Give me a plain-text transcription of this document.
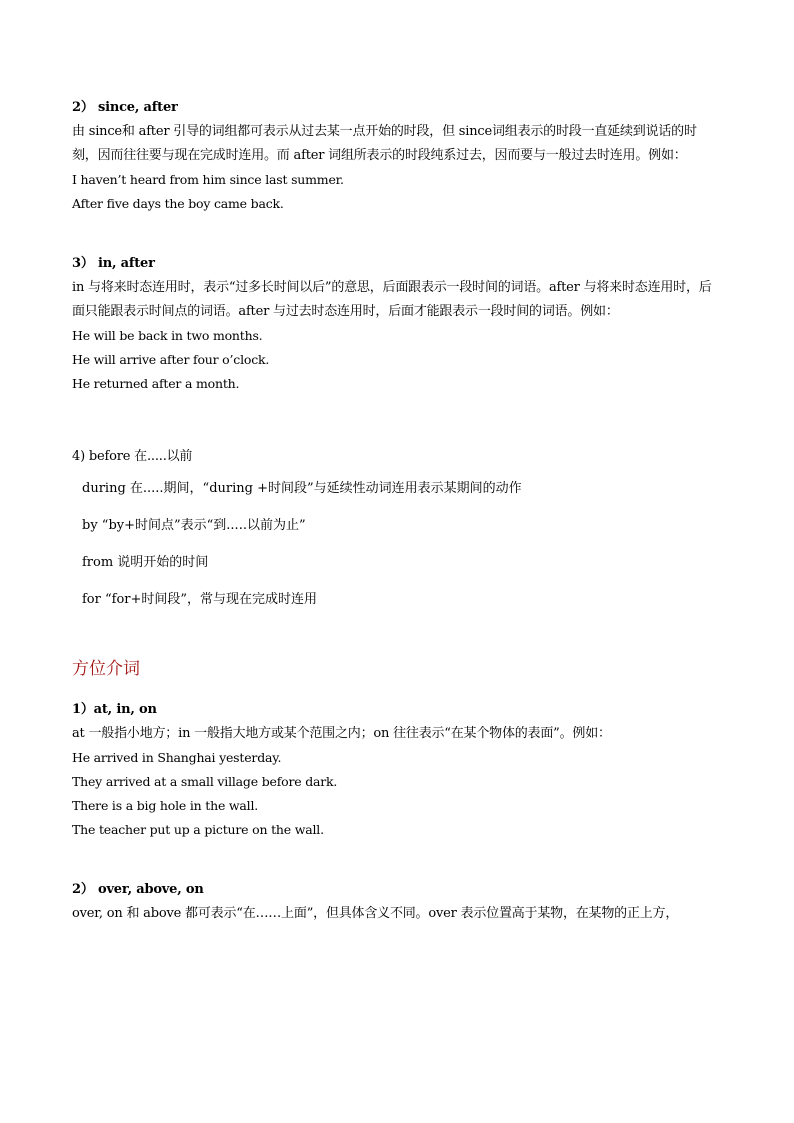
2） since, after
由 since和 after 引导的词组都可表示从过去某一点开始的时段，但 since词组表示的时段一直延续到说话的时刻，因而往往要与现在完成时连用。而 after 词组所表示的时段纯系过去，因而要与一般过去时连用。例如：
I haven’t heard from him since last summer.
After five days the boy came back.
3） in, after
in 与将来时态连用时，表示“过多长时间以后”的意思，后面跟表示一段时间的词语。after 与将来时态连用时，后面只能跟表示时间点的词语。after 与过去时态连用时，后面才能跟表示一段时间的词语。例如：
He will be back in two months.
He will arrive after four o’clock.
He returned after a month.
4) before 在.....以前
during 在.....期间，“during +时间段”与延续性动词连用表示某期间的动作
by “by+时间点”表示“到.....以前为止”
from 说明开始的时间
for “for+时间段”，常与现在完成时连用
方位介词
1）at, in, on
at 一般指小地方；in 一般指大地方或某个范围之内；on 往往表示“在某个物体的表面”。例如：
He arrived in Shanghai yesterday.
They arrived at a small village before dark.
There is a big hole in the wall.
The teacher put up a picture on the wall.
2） over, above, on
over, on 和 above 都可表示“在……上面”，但具体含义不同。over 表示位置高于某物，在某物的正上方，
